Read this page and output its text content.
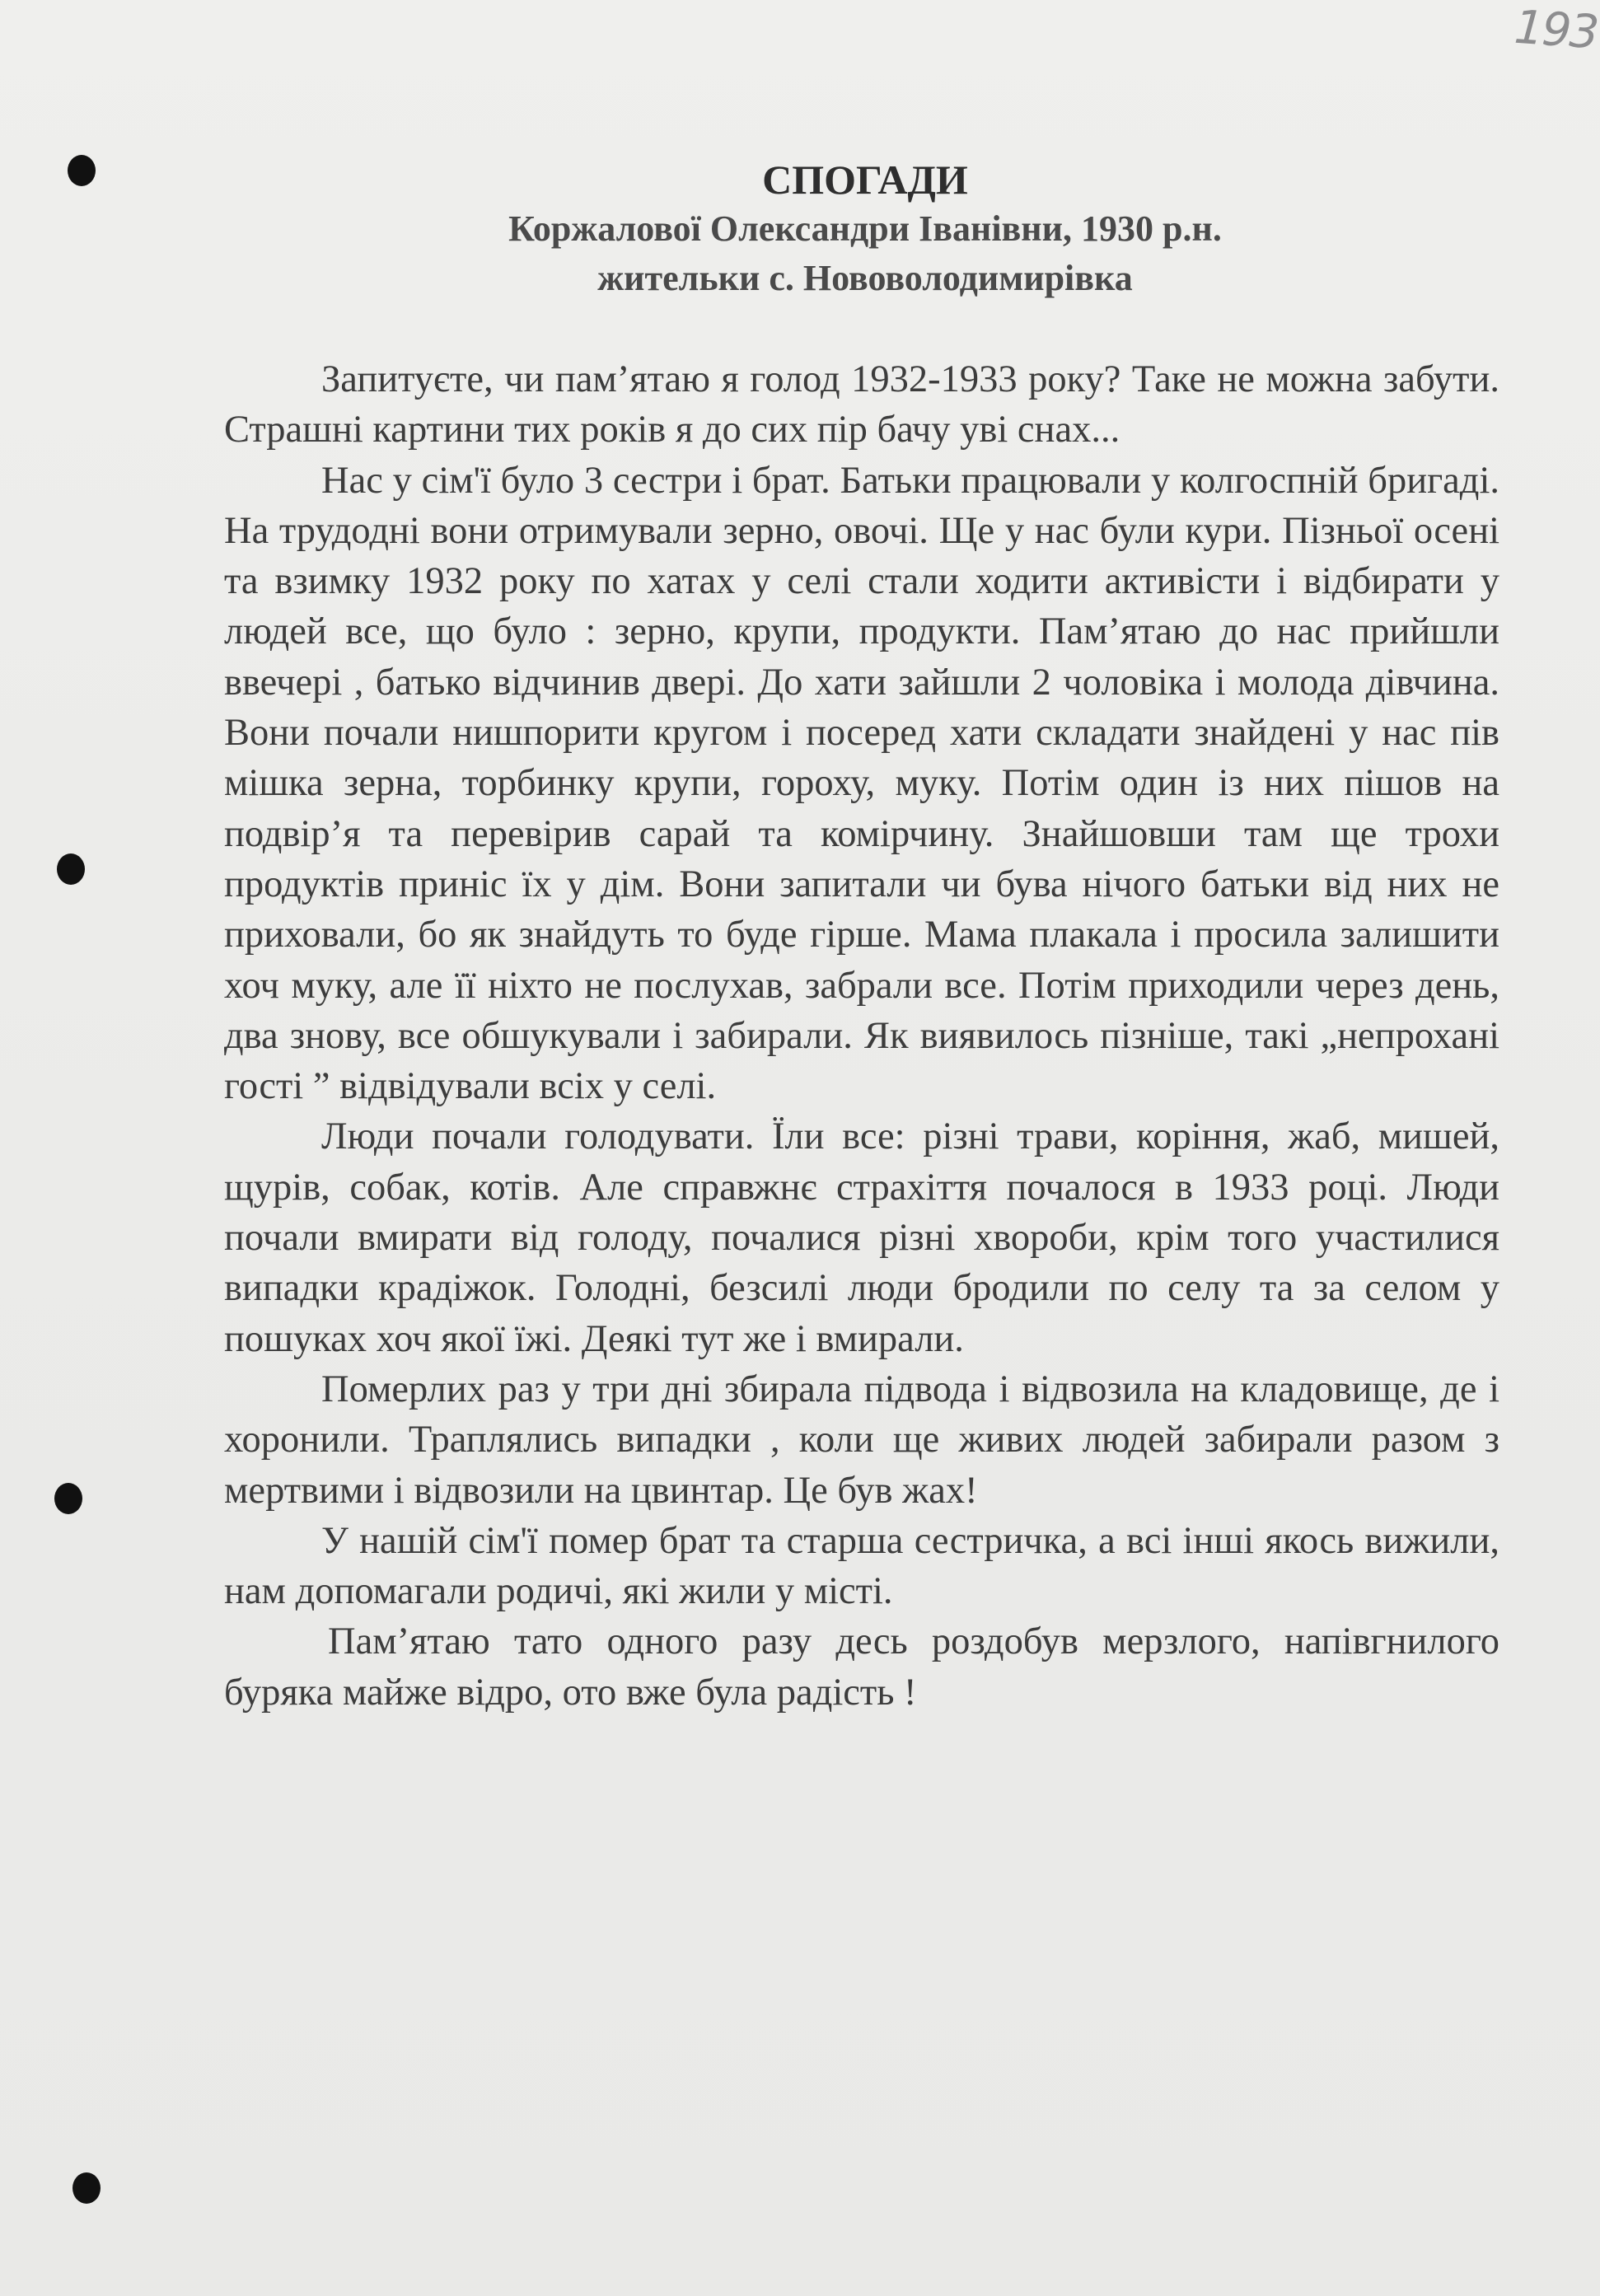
193
СПОГАДИ
Коржалової Олександри Іванівни, 1930 р.н.
жительки с. Нововолодимирівка

Запитуєте, чи пам’ятаю я голод 1932-1933 року? Таке не можна забути. Страшні картини тих років я до сих пір бачу уві снах...

Нас у сім'ї було 3 сестри і брат. Батьки працювали у колгоспній бригаді. На трудодні вони отримували зерно, овочі. Ще у нас були кури. Пізньої осені та взимку 1932 року по хатах у селі стали ходити активісти і відбирати у людей все, що було : зерно, крупи, продукти. Пам’ятаю до нас прийшли ввечері , батько відчинив двері. До хати зайшли 2 чоловіка і молода дівчина. Вони почали нишпорити кругом і посеред хати складати знайдені у нас пів мішка зерна, торбинку крупи, гороху, муку. Потім один із них пішов на подвір’я та перевірив сарай та комірчину. Знайшовши там ще трохи продуктів приніс їх у дім. Вони запитали чи бува нічого батьки від них не приховали, бо як знайдуть то буде гірше. Мама плакала і просила залишити хоч муку, але її ніхто не послухав, забрали все. Потім приходили через день, два знову, все обшукували і забирали. Як виявилось пізніше, такі „непрохані гості ” відвідували всіх у селі.

Люди почали голодувати. Їли все: різні трави, коріння, жаб, мишей, щурів, собак, котів. Але справжнє страхіття почалося в 1933 році. Люди почали вмирати від голоду, почалися різні хвороби, крім того участилися випадки крадіжок. Голодні, безсилі люди бродили по селу та за селом у пошуках хоч якої їжі. Деякі тут же і вмирали.

Померлих раз у три дні збирала підвода і відвозила на кладовище, де і хоронили. Траплялись випадки , коли ще живих людей забирали разом з мертвими і відвозили на цвинтар. Це був жах!

У нашій сім'ї помер брат та старша сестричка, а всі інші якось вижили, нам допомагали родичі, які жили у місті.

Пам’ятаю тато одного разу десь роздобув мерзлого, напівгнилого буряка майже відро, ото вже була радість !
